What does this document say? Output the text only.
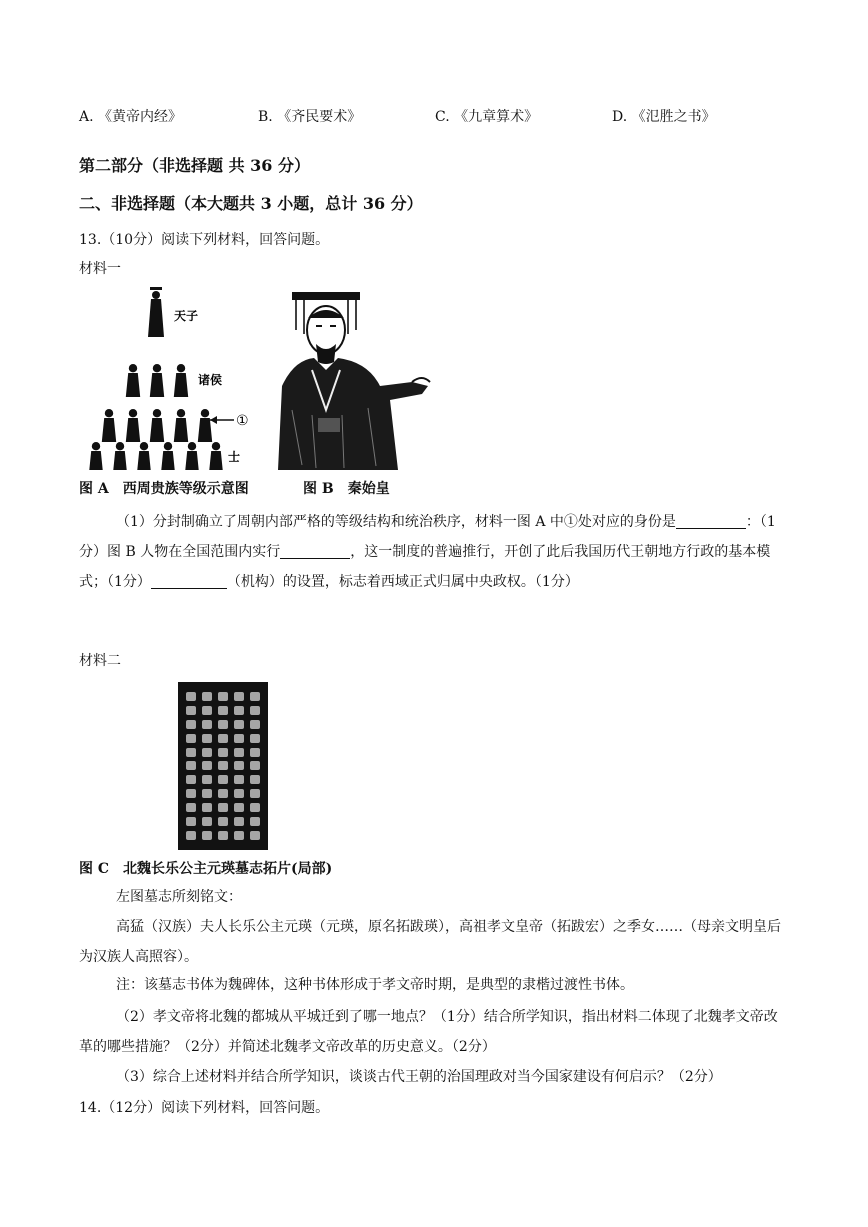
A. 《黄帝内经》	B. 《齐民要术》	C. 《九章算术》	D. 《氾胜之书》
第二部分（非选择题 共 36 分）
二、非选择题（本大题共 3 小题，总计 36 分）
13.（10分）阅读下列材料，回答问题。
材料一
天子
诸侯
①
士
图 A　西周贵族等级示意图	图 B　秦始皇
（1）分封制确立了周朝内部严格的等级结构和统治秩序，材料一图 A 中①处对应的身份是	：（1分）图 B 人物在全国范围内实行	，这一制度的普遍推行，开创了此后我国历代王朝地方行政的基本模式；（1分）	（机构）的设置，标志着西域正式归属中央政权。（1分）
材料二
图 C　北魏长乐公主元瑛墓志拓片(局部)
左图墓志所刻铭文：
高猛（汉族）夫人长乐公主元瑛（元瑛，原名拓跋瑛），高祖孝文皇帝（拓跋宏）之季女……（母亲文明皇后为汉族人高照容）。
注：该墓志书体为魏碑体，这种书体形成于孝文帝时期，是典型的隶楷过渡性书体。
（2）孝文帝将北魏的都城从平城迁到了哪一地点？（1分）结合所学知识，指出材料二体现了北魏孝文帝改革的哪些措施？（2分）并简述北魏孝文帝改革的历史意义。（2分）
（3）综合上述材料并结合所学知识，谈谈古代王朝的治国理政对当今国家建设有何启示？（2分）
14.（12分）阅读下列材料，回答问题。
